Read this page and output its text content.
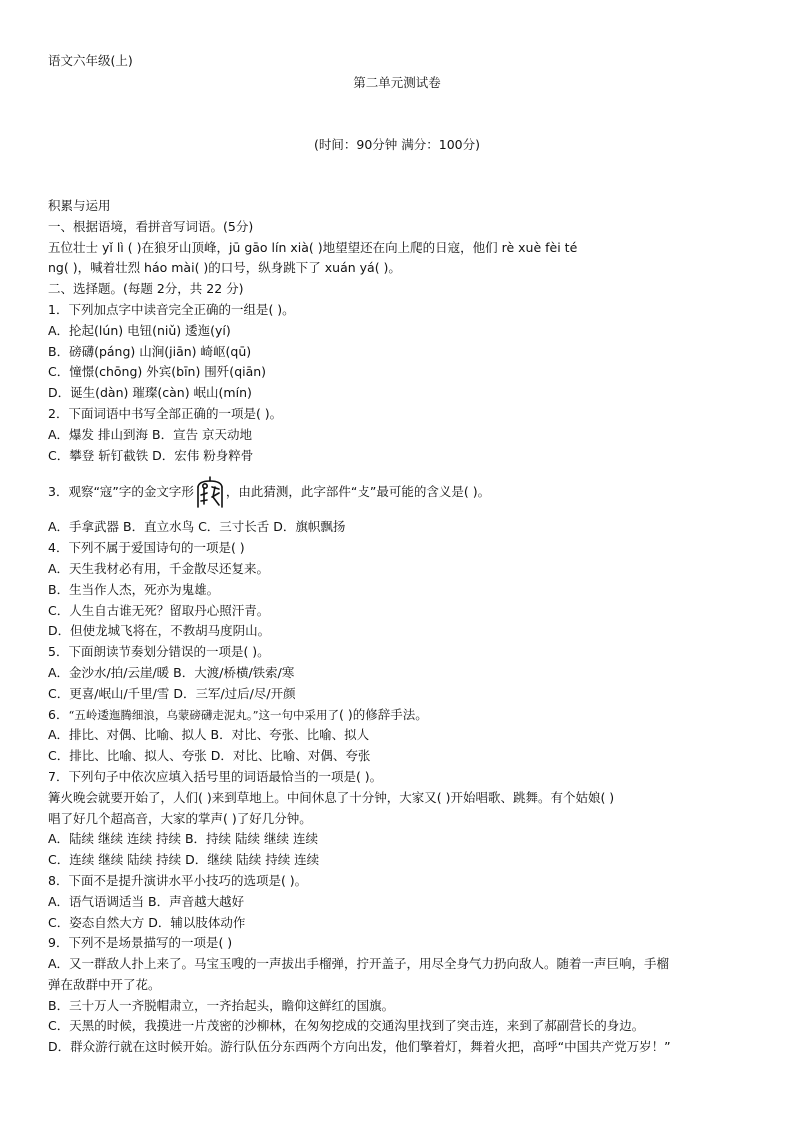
语文六年级(上)
第二单元测试卷
(时间：90分钟 满分：100分)
积累与运用
一、根据语境，看拼音写词语。(5分)
五位壮士 yǐ lì ( )在狼牙山顶峰，jū gāo lín xià( )地望望还在向上爬的日寇，他们 rè xuè fèi té
ng( )，喊着壮烈 háo mài( )的口号，纵身跳下了 xuán yá( )。
二、选择题。(每题 2分，共 22 分)
1．下列加点字中读音完全正确的一组是( )。
A．抡起(lún) 电钮(niǔ) 逶迤(yí)
B．磅礴(páng) 山涧(jiān) 崎岖(qū)
C．憧憬(chōng) 外宾(bīn) 围歼(qiān)
D．诞生(dàn) 璀璨(càn) 岷山(mín)
2．下面词语中书写全部正确的一项是( )。
A．爆发 排山到海 B．宣告 京天动地
C．攀登 斩钉截铁 D．宏伟 粉身粹骨
3．观察“寇”字的金文字形	，由此猜测，此字部件“攴”最可能的含义是( )。
A．手拿武器 B．直立水鸟 C．三寸长舌 D．旗帜飘扬
4．下列不属于爱国诗句的一项是( )
A．天生我材必有用，千金散尽还复来。
B．生当作人杰，死亦为鬼雄。
C．人生自古谁无死？留取丹心照汗青。
D．但使龙城飞将在，不教胡马度阴山。
5．下面朗读节奏划分错误的一项是( )。
A．金沙水/拍/云崖/暖 B．大渡/桥横/铁索/寒
C．更喜/岷山/千里/雪 D．三军/过后/尽/开颜
6．“五岭逶迤腾细浪，乌蒙磅礴走泥丸。”这一句中采用了( )的修辞手法。
A．排比、对偶、比喻、拟人 B．对比、夸张、比喻、拟人
C．排比、比喻、拟人、夸张 D．对比、比喻、对偶、夸张
7．下列句子中依次应填入括号里的词语最恰当的一项是( )。
篝火晚会就要开始了，人们( )来到草地上。中间休息了十分钟，大家又( )开始唱歌、跳舞。有个姑娘( )
唱了好几个超高音，大家的掌声( )了好几分钟。
A．陆续 继续 连续 持续 B．持续 陆续 继续 连续
C．连续 继续 陆续 持续 D．继续 陆续 持续 连续
8．下面不是提升演讲水平小技巧的选项是( )。
A．语气语调适当 B．声音越大越好
C．姿态自然大方 D．辅以肢体动作
9．下列不是场景描写的一项是( )
A．又一群敌人扑上来了。马宝玉嗖的一声拔出手榴弹，拧开盖子，用尽全身气力扔向敌人。随着一声巨响，手榴
弹在敌群中开了花。
B．三十万人一齐脱帽肃立，一齐抬起头，瞻仰这鲜红的国旗。
C．天黑的时候，我摸进一片茂密的沙柳林，在匆匆挖成的交通沟里找到了突击连，来到了郝副营长的身边。
D．群众游行就在这时候开始。游行队伍分东西两个方向出发，他们擎着灯，舞着火把，高呼“中国共产党万岁！”
